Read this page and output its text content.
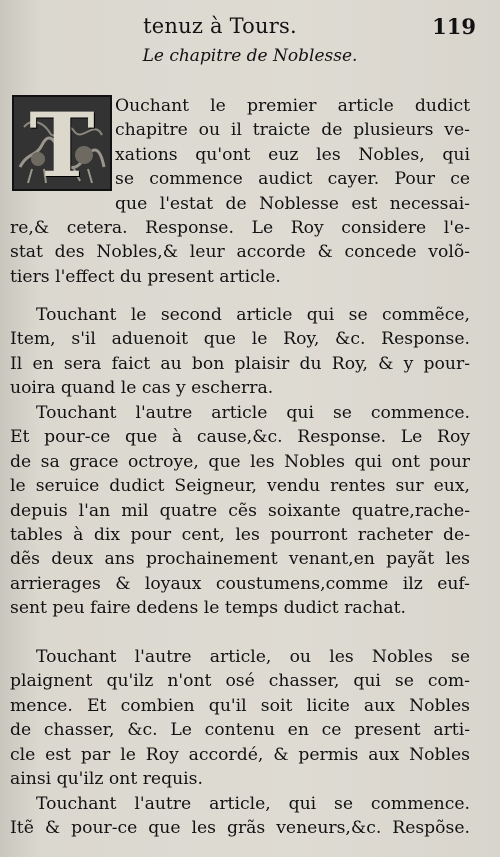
tenuz à Tours.	119
Le chapitre de Noblesse.
T	Ouchant le premier article dudict
chapitre ou il traicte de plusieurs ve-
xations qu'ont euz les Nobles, qui
se commence audict cayer. Pour ce
que l'estat de Noblesse est necessai-
re,& cetera. Response. Le Roy considere l'e-
stat des Nobles,& leur accorde & concede volõ-
tiers l'effect du present article.
Touchant le second article qui se commẽce,
Item, s'il aduenoit que le Roy, &c. Response.
Il en sera faict au bon plaisir du Roy, & y pour-
uoira quand le cas y escherra.
Touchant l'autre article qui se commence.
Et pour-ce que à cause,&c. Response. Le Roy
de sa grace octroye, que les Nobles qui ont pour
le seruice dudict Seigneur, vendu rentes sur eux,
depuis l'an mil quatre cẽs soixante quatre,rache-
tables à dix pour cent, les pourront racheter de-
dẽs deux ans prochainement venant,en payãt les
arrierages & loyaux coustumens,comme ilz euf-
sent peu faire dedens le temps dudict rachat.
Touchant l'autre article, ou les Nobles se
plaignent qu'ilz n'ont osé chasser, qui se com-
mence. Et combien qu'il soit licite aux Nobles
de chasser, &c. Le contenu en ce present arti-
cle est par le Roy accordé, & permis aux Nobles
ainsi qu'ilz ont requis.
Touchant l'autre article, qui se commence.
Itẽ & pour-ce que les grãs veneurs,&c. Respõse.
